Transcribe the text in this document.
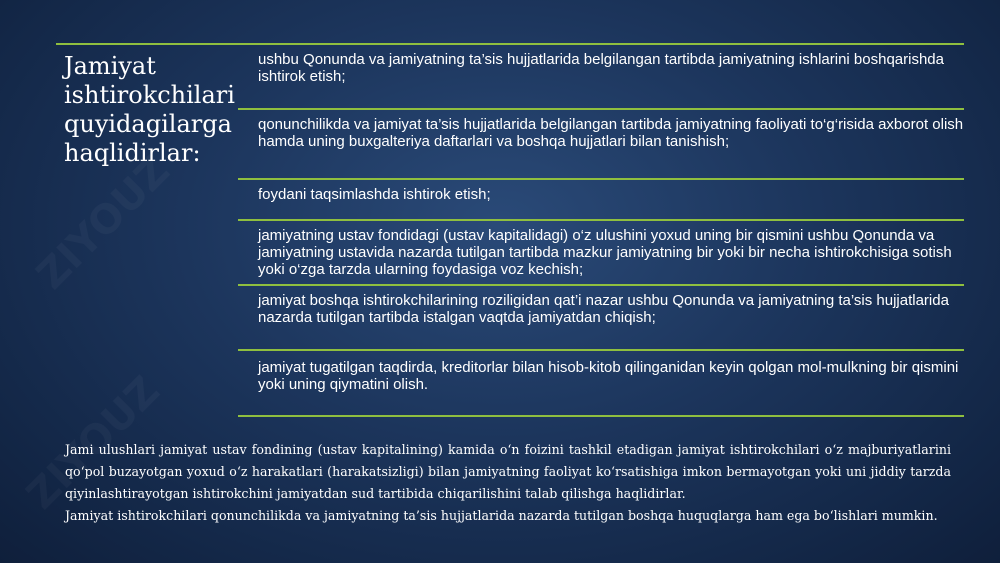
Jamiyat ishtirokchilari quyidagilarga haqlidirlar:
ushbu Qonunda va jamiyatning ta’sis hujjatlarida belgilangan tartibda jamiyatning ishlarini boshqarishda ishtirok etish;
qonunchilikda va jamiyat ta’sis hujjatlarida belgilangan tartibda jamiyatning faoliyati to‘g‘risida axborot olish hamda uning buxgalteriya daftarlari va boshqa hujjatlari bilan tanishish;
foydani taqsimlashda ishtirok etish;
jamiyatning ustav fondidagi (ustav kapitalidagi) o‘z ulushini yoxud uning bir qismini ushbu Qonunda va jamiyatning ustavida nazarda tutilgan tartibda mazkur jamiyatning bir yoki bir necha ishtirokchisiga sotish yoki o‘zga tarzda ularning foydasiga voz kechish;
jamiyat boshqa ishtirokchilarining roziligidan qat’i nazar ushbu Qonunda va jamiyatning ta’sis hujjatlarida nazarda tutilgan tartibda istalgan vaqtda jamiyatdan chiqish;
jamiyat tugatilgan taqdirda, kreditorlar bilan hisob-kitob qilinganidan keyin qolgan mol-mulkning bir qismini yoki uning qiymatini olish.

Jami ulushlari jamiyat ustav fondining (ustav kapitalining) kamida o‘n foizini tashkil etadigan jamiyat ishtirokchilari o‘z majburiyatlarini qo‘pol buzayotgan yoxud o‘z harakatlari (harakatsizligi) bilan jamiyatning faoliyat ko‘rsatishiga imkon bermayotgan yoki uni jiddiy tarzda qiyinlashtirayotgan ishtirokchini jamiyatdan sud tartibida chiqarilishini talab qilishga haqlidirlar.

Jamiyat ishtirokchilari qonunchilikda va jamiyatning ta’sis hujjatlarida nazarda tutilgan boshqa huquqlarga ham ega bo‘lishlari mumkin.
